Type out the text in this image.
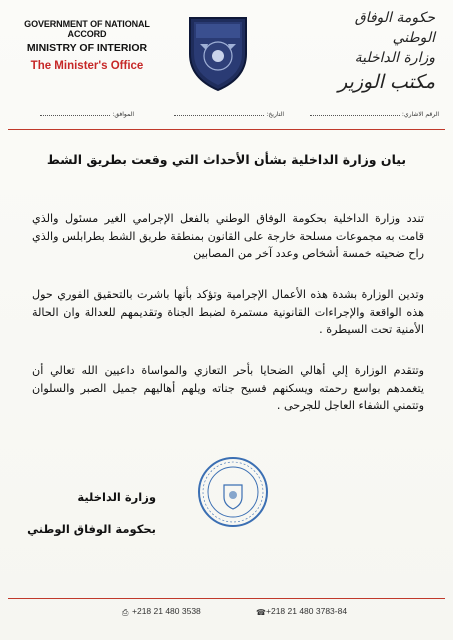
GOVERNMENT OF NATIONAL ACCORD
MINISTRY OF INTERIOR
The Minister's Office
حكومة الوفاق الوطني
وزارة الداخلية
مكتب الوزير
الرقم الاشاري:
التاريخ:
الموافق:
بيان وزارة الداخلية بشأن الأحداث التي وقعت بطريق الشط
تندد وزارة الداخلية بحكومة الوفاق الوطني بالفعل الإجرامي الغير مسئول والذي قامت به مجموعات مسلحة خارجة على القانون بمنطقة طريق الشط بطرابلس والذي راح ضحيته خمسة أشخاص وعدد آخر من المصابين
وتدين الوزارة بشدة هذه الأعمال الإجرامية وتؤكد بأنها باشرت بالتحقيق الفوري حول هذه الواقعة والإجراءات القانونية مستمرة لضبط الجناة وتقديمهم للعدالة وان الحالة الأمنية تحت السيطرة .
وتتقدم الوزارة إلي أهالي الضحايا بأحر التعازي والمواساة داعيين الله تعالي أن يتغمدهم بواسع رحمته ويسكنهم فسيح جناته ويلهم أهاليهم جميل الصبر والسلوان وتتمني الشفاء العاجل للجرحى .
وزارة الداخلية
بحكومة الوفاق الوطني
⎙ +218 21 480 3538	☎+218 21 480 3783-84
